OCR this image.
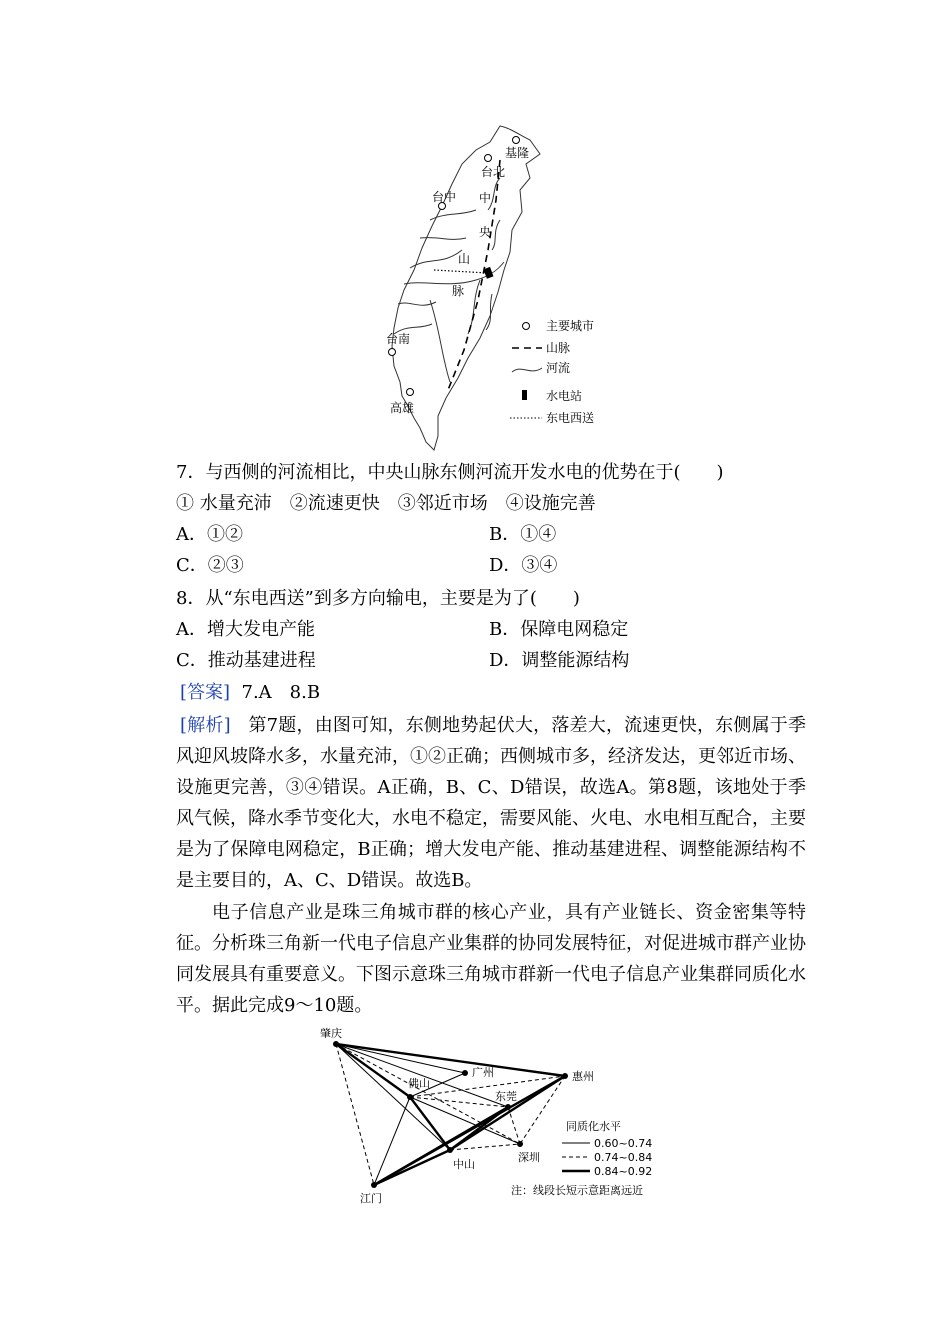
基隆
台北
台中
台南
高雄
中
央
山
脉
主要城市
山脉
河流
水电站
东电西送
7．与西侧的河流相比，中央山脉东侧河流开发水电的优势在于(　　)
① 水量充沛　②流速更快　③邻近市场　④设施完善
A．①②	B．①④
C．②③	D．③④
8．从“东电西送”到多方向输电，主要是为了(　　)
A．增大发电产能	B．保障电网稳定
C．推动基建进程	D．调整能源结构
[答案] 7.A　8.B
[解析] 第7题，由图可知，东侧地势起伏大，落差大，流速更快，东侧属于季风迎风坡降水多，水量充沛，①②正确；西侧城市多，经济发达，更邻近市场、设施更完善，③④错误。A正确，B、C、D错误，故选A。第8题，该地处于季风气候，降水季节变化大，水电不稳定，需要风能、火电、水电相互配合，主要是为了保障电网稳定，B正确；增大发电产能、推动基建进程、调整能源结构不是主要目的，A、C、D错误。故选B。
电子信息产业是珠三角城市群的核心产业，具有产业链长、资金密集等特征。分析珠三角新一代电子信息产业集群的协同发展特征，对促进城市群产业协同发展具有重要意义。下图示意珠三角城市群新一代电子信息产业集群同质化水平。据此完成9～10题。
肇庆
广州
佛山
惠州
东莞
深圳
中山
江门
同质化水平
0.60~0.74
0.74~0.84
0.84~0.92
注：线段长短示意距离远近
